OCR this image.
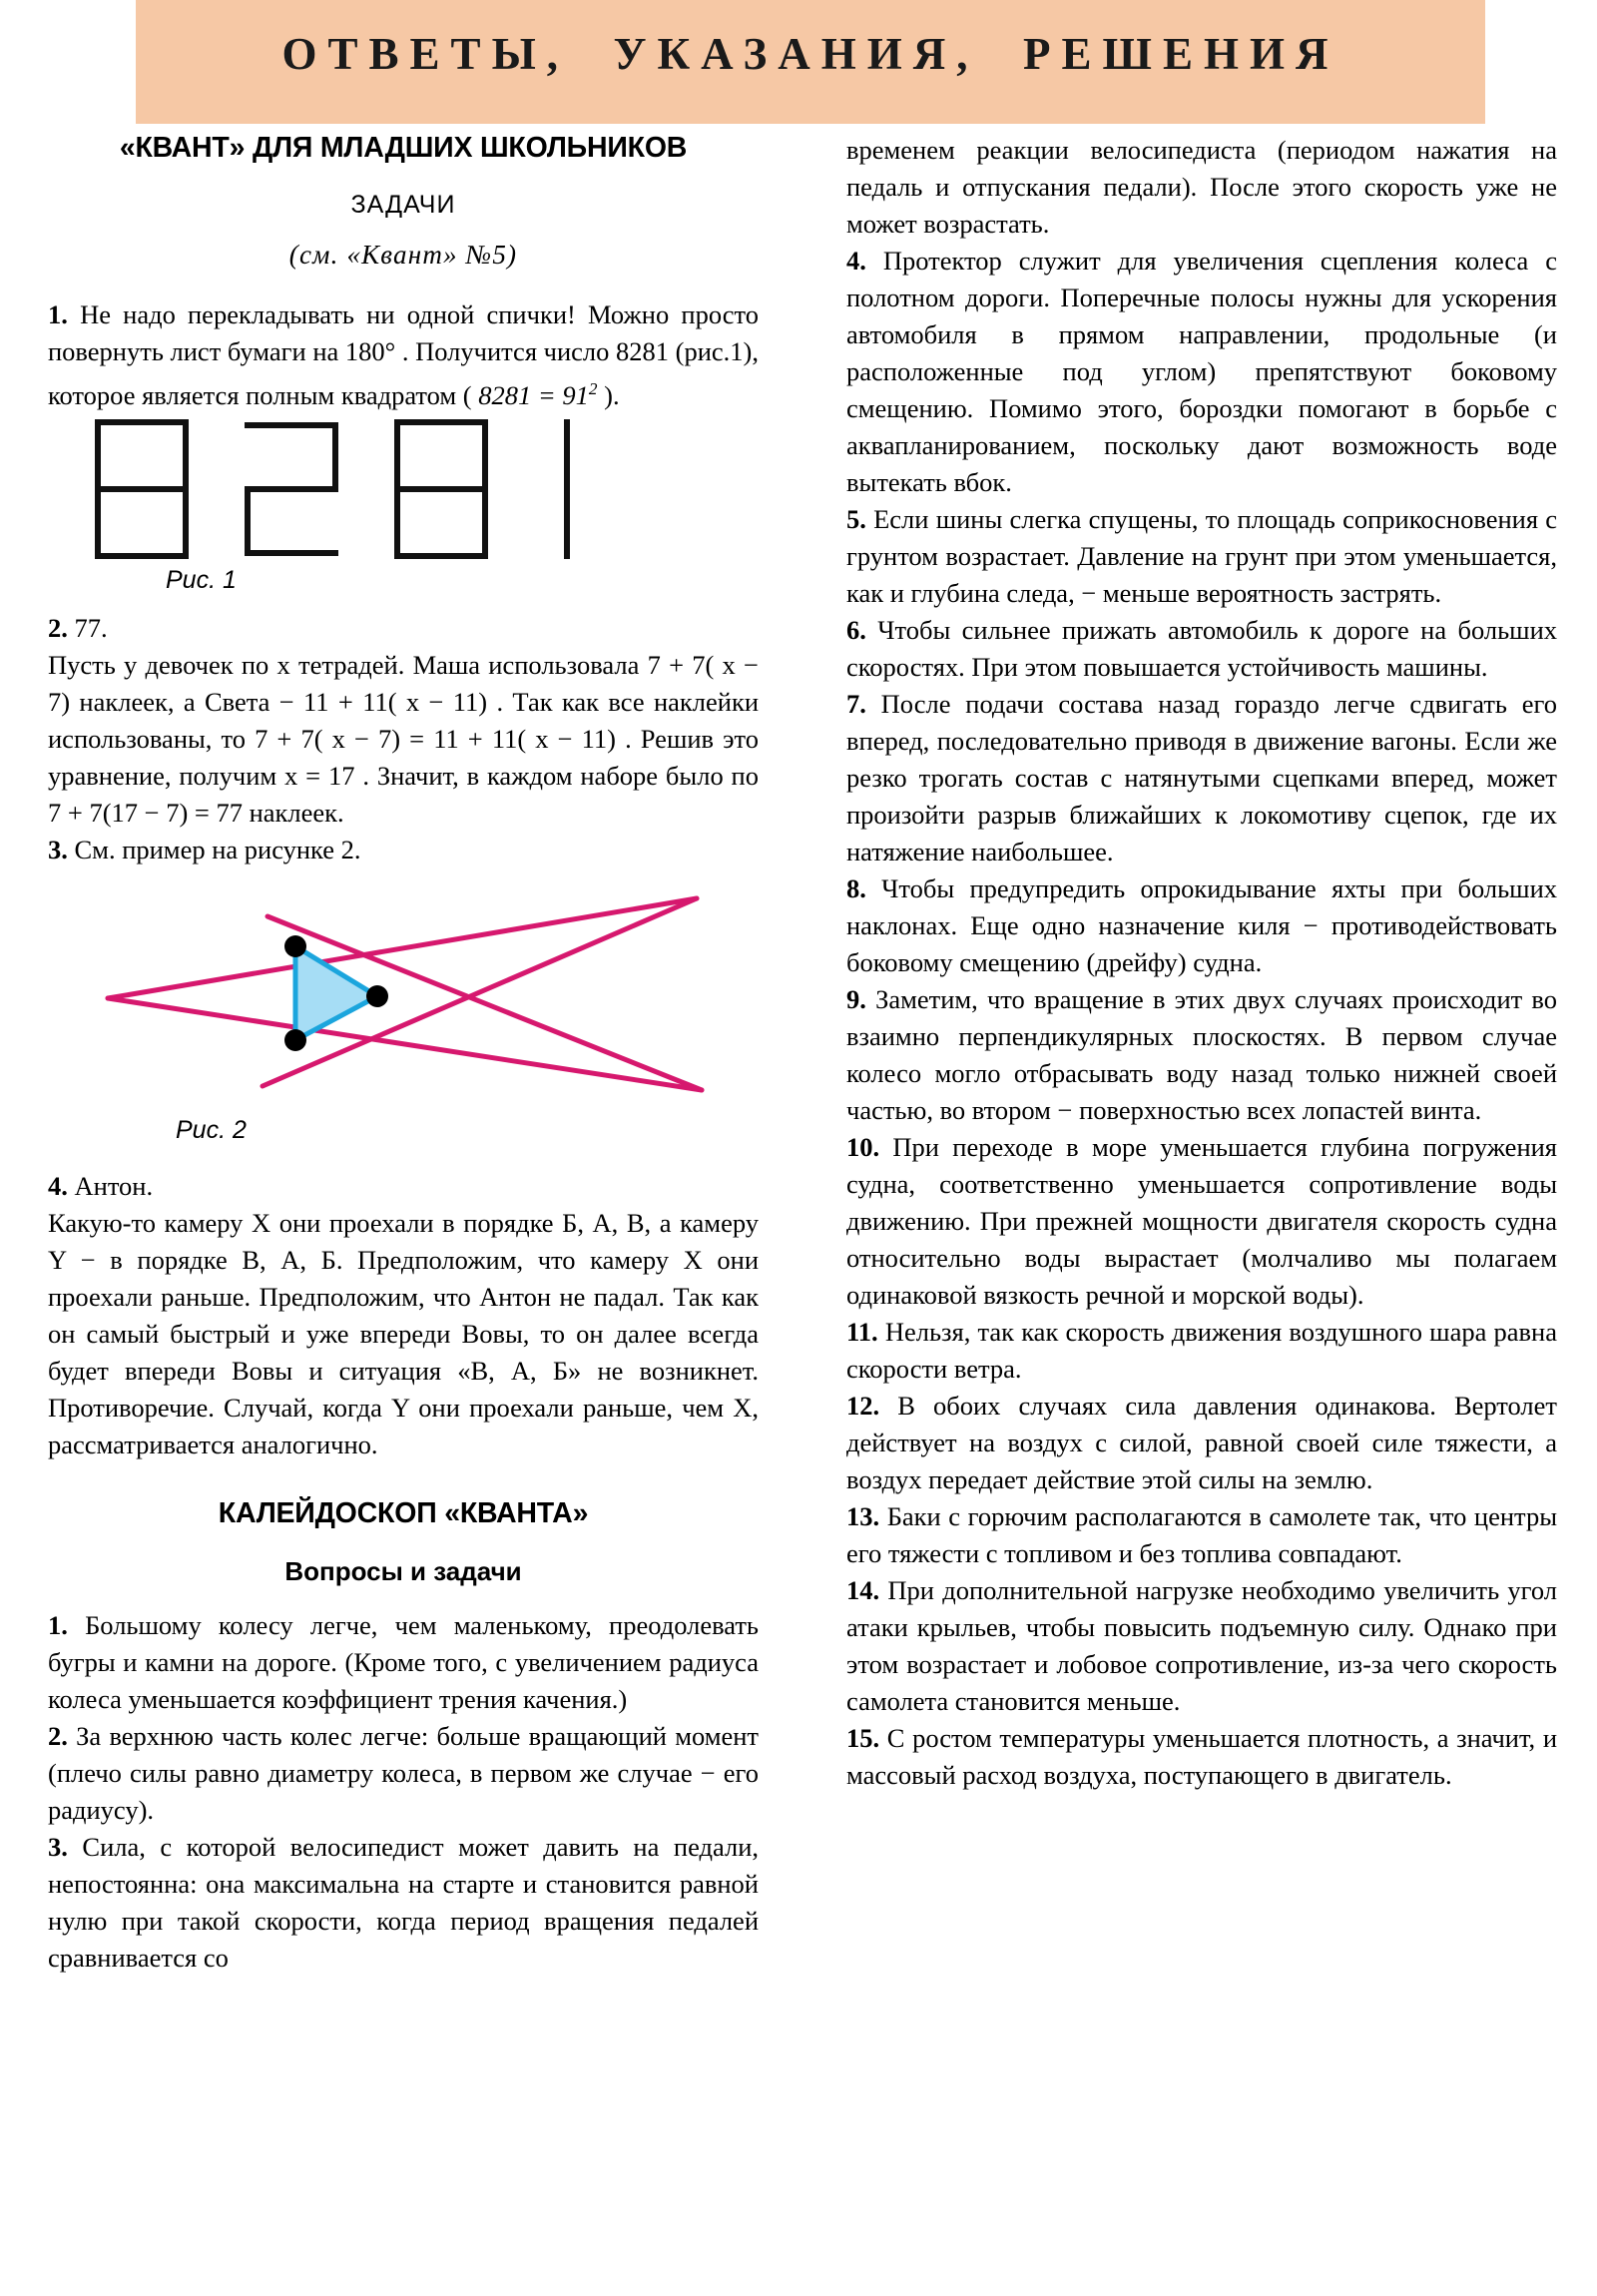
ОТВЕТЫ,  УКАЗАНИЯ,  РЕШЕНИЯ
«КВАНТ» ДЛЯ МЛАДШИХ ШКОЛЬНИКОВ
ЗАДАЧИ

(см. «Квант» №5)

1. Не надо перекладывать ни одной спички! Можно просто повернуть лист бумаги на 180° . Получится число 8281 (рис.1), которое является полным квадратом ( $8281 = 91^2$ ).

Рис. 1

2. 77.

Пусть у девочек по x тетрадей. Маша использовала 7 + 7( x − 7) наклеек, а Света − 11 + 11( x − 11) . Так как все наклейки использованы, то 7 + 7( x − 7) = 11 + 11( x − 11) . Решив это уравнение, получим x = 17 . Значит, в каждом наборе было по 7 + 7(17 − 7) = 77 наклеек.

3. См. пример на рисунке 2.

Рис. 2

4. Антон.

Какую-то камеру X они проехали в порядке Б, А, В, а камеру Y − в порядке В, А, Б. Предположим, что камеру X они проехали раньше. Предположим, что Антон не падал. Так как он самый быстрый и уже впереди Вовы, то он далее всегда будет впереди Вовы и ситуация «В, А, Б» не возникнет. Противоречие. Случай, когда Y они проехали раньше, чем X, рассматривается аналогично.

КАЛЕЙДОСКОП «КВАНТА»
Вопросы и задачи

1. Большому колесу легче, чем маленькому, преодолевать бугры и камни на дороге. (Кроме того, с увеличением радиуса колеса уменьшается коэффициент трения качения.)

2. За верхнюю часть колес легче: больше вращающий момент (плечо силы равно диаметру колеса, в первом же случае − его радиусу).

3. Сила, с которой велосипедист может давить на педали, непостоянна: она максимальна на старте и становится равной нулю при такой скорости, когда период вращения педалей сравнивается со

временем реакции велосипедиста (периодом нажатия на педаль и отпускания педали). После этого скорость уже не может возрастать.

4. Протектор служит для увеличения сцепления колеса с полотном дороги. Поперечные полосы нужны для ускорения автомобиля в прямом направлении, продольные (и расположенные под углом) препятствуют боковому смещению. Помимо этого, бороздки помогают в борьбе с аквапланированием, поскольку дают возможность воде вытекать вбок.

5. Если шины слегка спущены, то площадь соприкосновения с грунтом возрастает. Давление на грунт при этом уменьшается, как и глубина следа, − меньше вероятность застрять.

6. Чтобы сильнее прижать автомобиль к дороге на больших скоростях. При этом повышается устойчивость машины.

7. После подачи состава назад гораздо легче сдвигать его вперед, последовательно приводя в движение вагоны. Если же резко трогать состав с натянутыми сцепками вперед, может произойти разрыв ближайших к локомотиву сцепок, где их натяжение наибольшее.

8. Чтобы предупредить опрокидывание яхты при больших наклонах. Еще одно назначение киля − противодействовать боковому смещению (дрейфу) судна.

9. Заметим, что вращение в этих двух случаях происходит во взаимно перпендикулярных плоскостях. В первом случае колесо могло отбрасывать воду назад только нижней своей частью, во втором − поверхностью всех лопастей винта.

10. При переходе в море уменьшается глубина погружения судна, соответственно уменьшается сопротивление воды движению. При прежней мощности двигателя скорость судна относительно воды вырастает (молчаливо мы полагаем одинаковой вязкость речной и морской воды).

11. Нельзя, так как скорость движения воздушного шара равна скорости ветра.

12. В обоих случаях сила давления одинакова. Вертолет действует на воздух с силой, равной своей силе тяжести, а воздух передает действие этой силы на землю.

13. Баки с горючим располагаются в самолете так, что центры его тяжести с топливом и без топлива совпадают.

14. При дополнительной нагрузке необходимо увеличить угол атаки крыльев, чтобы повысить подъемную силу. Однако при этом возрастает и лобовое сопротивление, из-за чего скорость самолета становится меньше.

15. С ростом температуры уменьшается плотность, а значит, и массовый расход воздуха, поступающего в двигатель.
